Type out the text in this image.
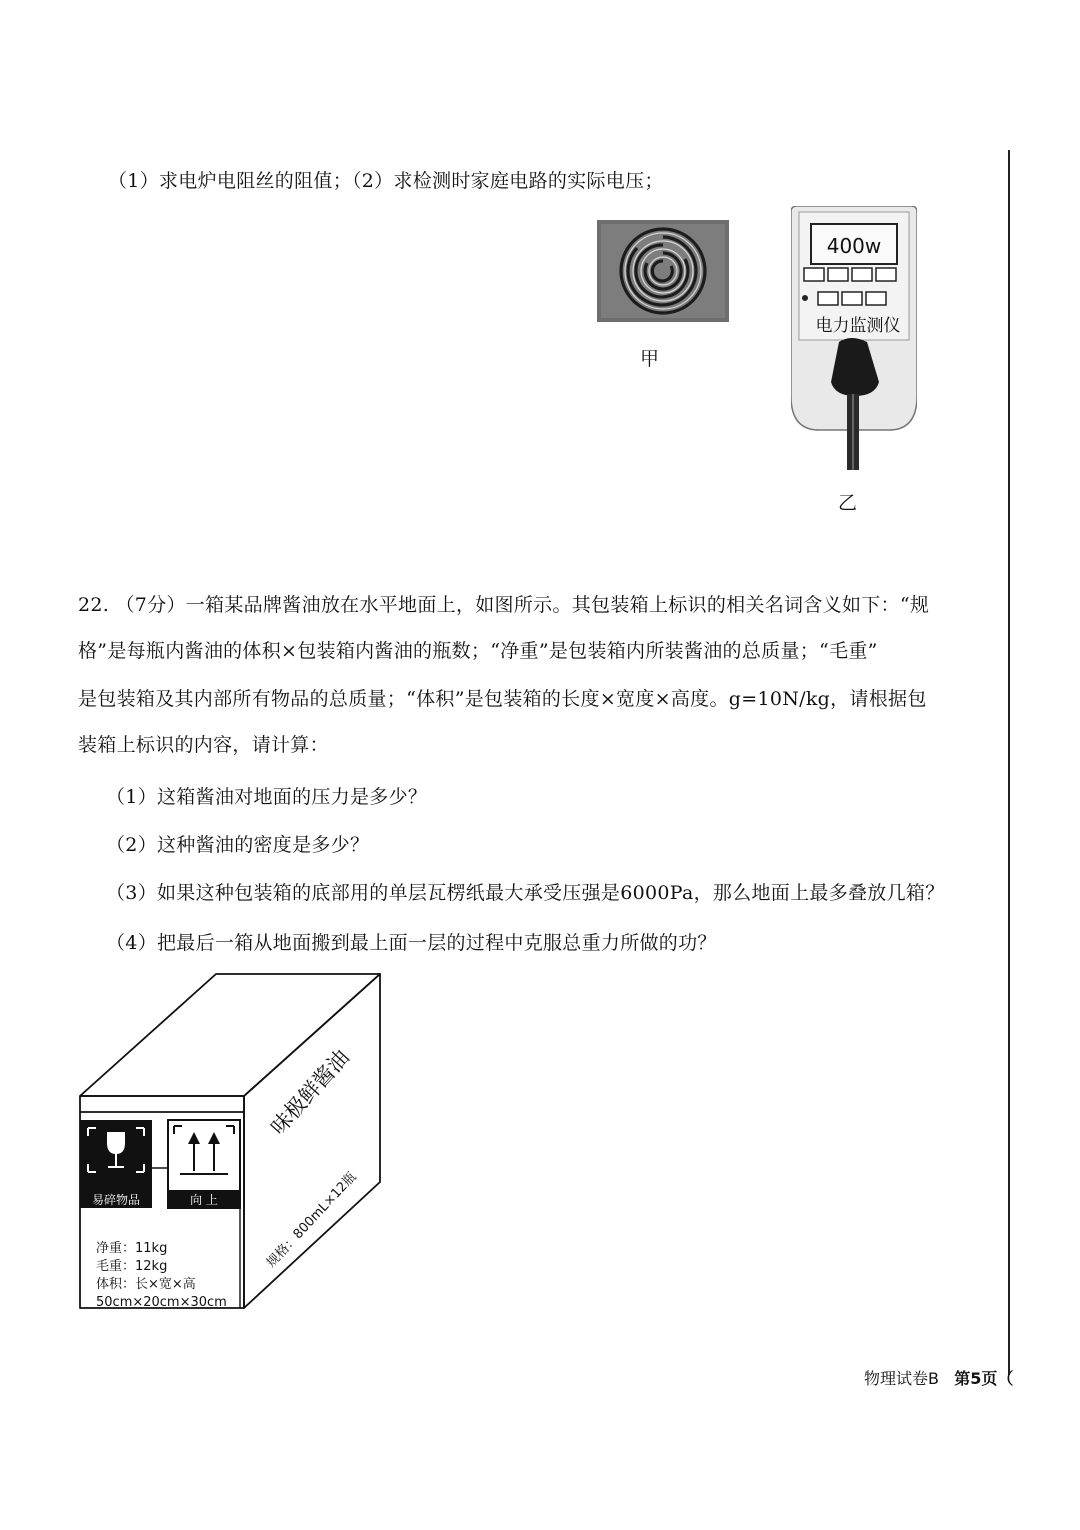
（1）求电炉电阻丝的阻值；（2）求检测时家庭电路的实际电压；
甲
400w
电力监测仪
乙
22. （7分）一箱某品牌酱油放在水平地面上，如图所示。其包装箱上标识的相关名词含义如下：“规
格”是每瓶内酱油的体积×包装箱内酱油的瓶数；“净重”是包装箱内所装酱油的总质量；“毛重”
是包装箱及其内部所有物品的总质量；“体积”是包装箱的长度×宽度×高度。g=10N/kg，请根据包
装箱上标识的内容，请计算：
（1）这箱酱油对地面的压力是多少？
（2）这种酱油的密度是多少？
（3）如果这种包装箱的底部用的单层瓦楞纸最大承受压强是6000Pa，那么地面上最多叠放几箱？
（4）把最后一箱从地面搬到最上面一层的过程中克服总重力所做的功？
易碎物品	向 上
味极鲜酱油
规格：800mL×12瓶
净重：11kg
毛重：12kg
体积：长×宽×高
50cm×20cm×30cm
物理试卷B 第5页（
